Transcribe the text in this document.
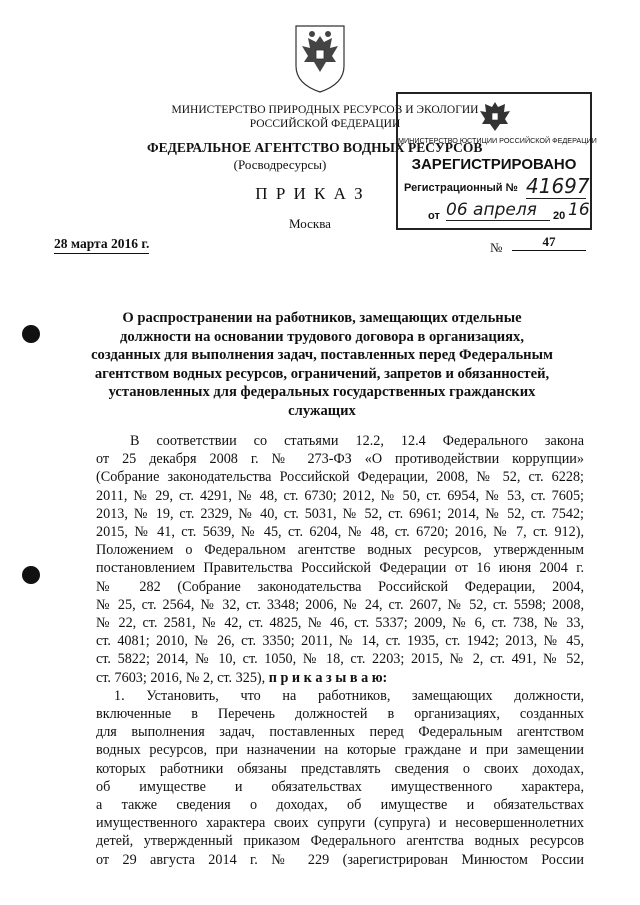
МИНИСТЕРСТВО ПРИРОДНЫХ РЕСУРСОВ И ЭКОЛОГИИ
РОССИЙСКОЙ ФЕДЕРАЦИИ
ФЕДЕРАЛЬНОЕ АГЕНТСТВО ВОДНЫХ РЕСУРСОВ
(Росводресурсы)
П Р И К А З
Москва
28 марта 2016 г.	№	47
МИНИСТЕРСТВО ЮСТИЦИИ РОССИЙСКОЙ ФЕДЕРАЦИИ
ЗАРЕГИСТРИРОВАНО
Регистрационный № 41697
от 06 апреля	20 16
О распространении на работников, замещающих отдельные
должности на основании трудового договора в организациях,
созданных для выполнения задач, поставленных перед Федеральным
агентством водных ресурсов, ограничений, запретов и обязанностей,
установленных для федеральных государственных гражданских
служащих
В соответствии со статьями 12.2, 12.4 Федерального закона
от 25 декабря 2008 г. № 273-ФЗ «О противодействии коррупции»
(Собрание законодательства Российской Федерации, 2008, № 52, ст. 6228;
2011, № 29, ст. 4291, № 48, ст. 6730; 2012, № 50, ст. 6954, № 53, ст. 7605;
2013, № 19, ст. 2329, № 40, ст. 5031, № 52, ст. 6961; 2014, № 52, ст. 7542;
2015, № 41, ст. 5639, № 45, ст. 6204, № 48, ст. 6720; 2016, № 7, ст. 912),
Положением о Федеральном агентстве водных ресурсов, утвержденным
постановлением Правительства Российской Федерации от 16 июня 2004 г.
№ 282 (Собрание законодательства Российской Федерации, 2004,
№ 25, ст. 2564, № 32, ст. 3348; 2006, № 24, ст. 2607, № 52, ст. 5598; 2008,
№ 22, ст. 2581, № 42, ст. 4825, № 46, ст. 5337; 2009, № 6, ст. 738, № 33,
ст. 4081; 2010, № 26, ст. 3350; 2011, № 14, ст. 1935, ст. 1942; 2013, № 45,
ст. 5822; 2014, № 10, ст. 1050, № 18, ст. 2203; 2015, № 2, ст. 491, № 52,
ст. 7603; 2016, № 2, ст. 325), п р и к а з ы в а ю:
1. Установить, что на работников, замещающих должности,
включенные в Перечень должностей в организациях, созданных
для выполнения задач, поставленных перед Федеральным агентством
водных ресурсов, при назначении на которые граждане и при замещении
которых работники обязаны представлять сведения о своих доходах,
об имуществе и обязательствах имущественного характера,
а также сведения о доходах, об имуществе и обязательствах
имущественного характера своих супруги (супруга) и несовершеннолетних
детей, утвержденный приказом Федерального агентства водных ресурсов
от 29 августа 2014 г. № 229 (зарегистрирован Минюстом России
